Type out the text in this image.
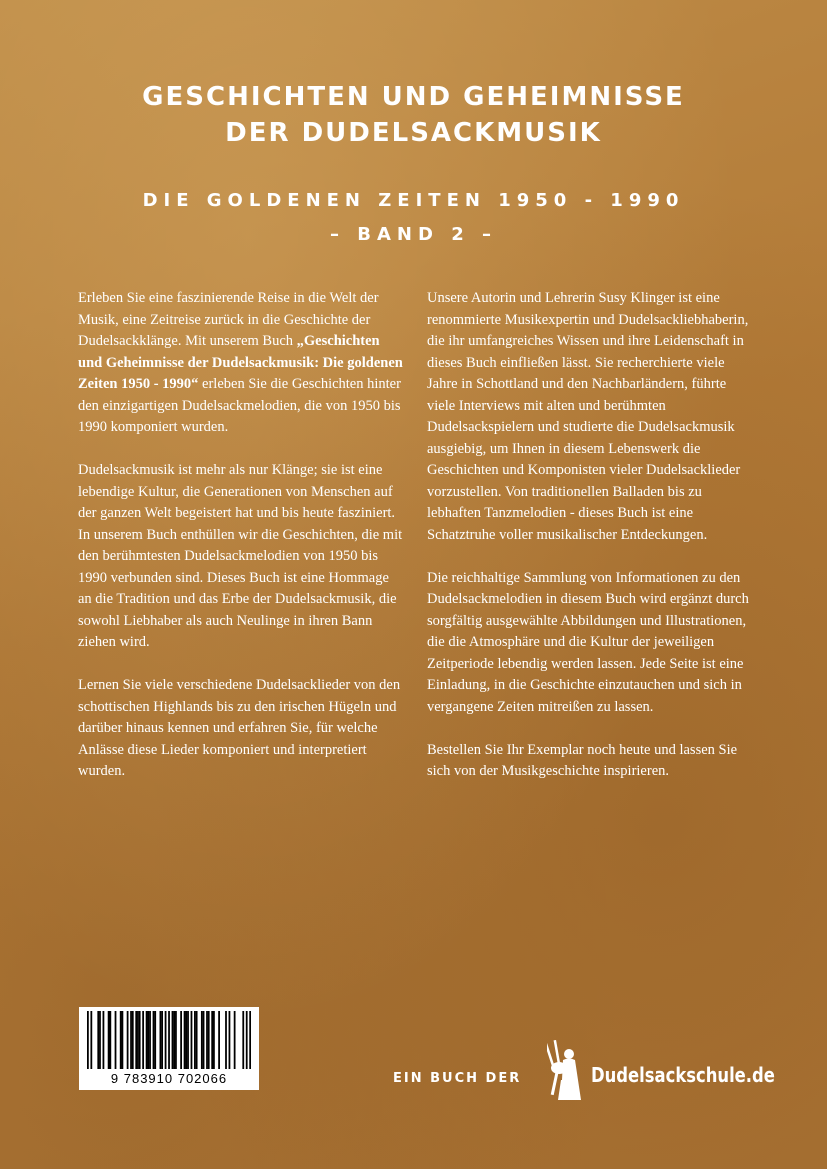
GESCHICHTEN UND GEHEIMNISSE
DER DUDELSACKMUSIK
DIE GOLDENEN ZEITEN 1950 - 1990
– BAND 2 –

Erleben Sie eine faszinierende Reise in die Welt der Musik, eine Zeitreise zurück in die Geschichte der Dudelsackklänge. Mit unserem Buch „Geschichten und Geheimnisse der Dudelsackmusik: Die goldenen Zeiten 1950 - 1990“ erleben Sie die Geschichten hinter den einzigartigen Dudelsackmelodien, die von 1950 bis 1990 komponiert wurden.

Dudelsackmusik ist mehr als nur Klänge; sie ist eine lebendige Kultur, die Generationen von Menschen auf der ganzen Welt begeistert hat und bis heute fasziniert. In unserem Buch enthüllen wir die Geschichten, die mit den berühmtesten Dudelsackmelodien von 1950 bis 1990 verbunden sind. Dieses Buch ist eine Hommage an die Tradition und das Erbe der Dudelsackmusik, die sowohl Liebhaber als auch Neulinge in ihren Bann ziehen wird.

Lernen Sie viele verschiedene Dudelsacklieder von den schottischen Highlands bis zu den irischen Hügeln und darüber hinaus kennen und erfahren Sie, für welche Anlässe diese Lieder komponiert und interpretiert wurden.

Unsere Autorin und Lehrerin Susy Klinger ist eine renommierte Musikexpertin und Dudelsackliebhaberin, die ihr umfangreiches Wissen und ihre Leidenschaft in dieses Buch einfließen lässt. Sie recherchierte viele Jahre in Schottland und den Nachbarländern, führte viele Interviews mit alten und berühmten Dudelsackspielern und studierte die Dudelsackmusik ausgiebig, um Ihnen in diesem Lebenswerk die Geschichten und Komponisten vieler Dudelsacklieder vorzustellen. Von traditionellen Balladen bis zu lebhaften Tanzmelodien - dieses Buch ist eine Schatztruhe voller musikalischer Entdeckungen.

Die reichhaltige Sammlung von Informationen zu den Dudelsackmelodien in diesem Buch wird ergänzt durch sorgfältig ausgewählte Abbildungen und Illustrationen, die die Atmosphäre und die Kultur der jeweiligen Zeitperiode lebendig werden lassen. Jede Seite ist eine Einladung, in die Geschichte einzutauchen und sich in vergangene Zeiten mitreißen zu lassen.

Bestellen Sie Ihr Exemplar noch heute und lassen Sie sich von der Musikgeschichte inspirieren.

9 783910 702066	EIN BUCH DER	Dudelsackschule.de
